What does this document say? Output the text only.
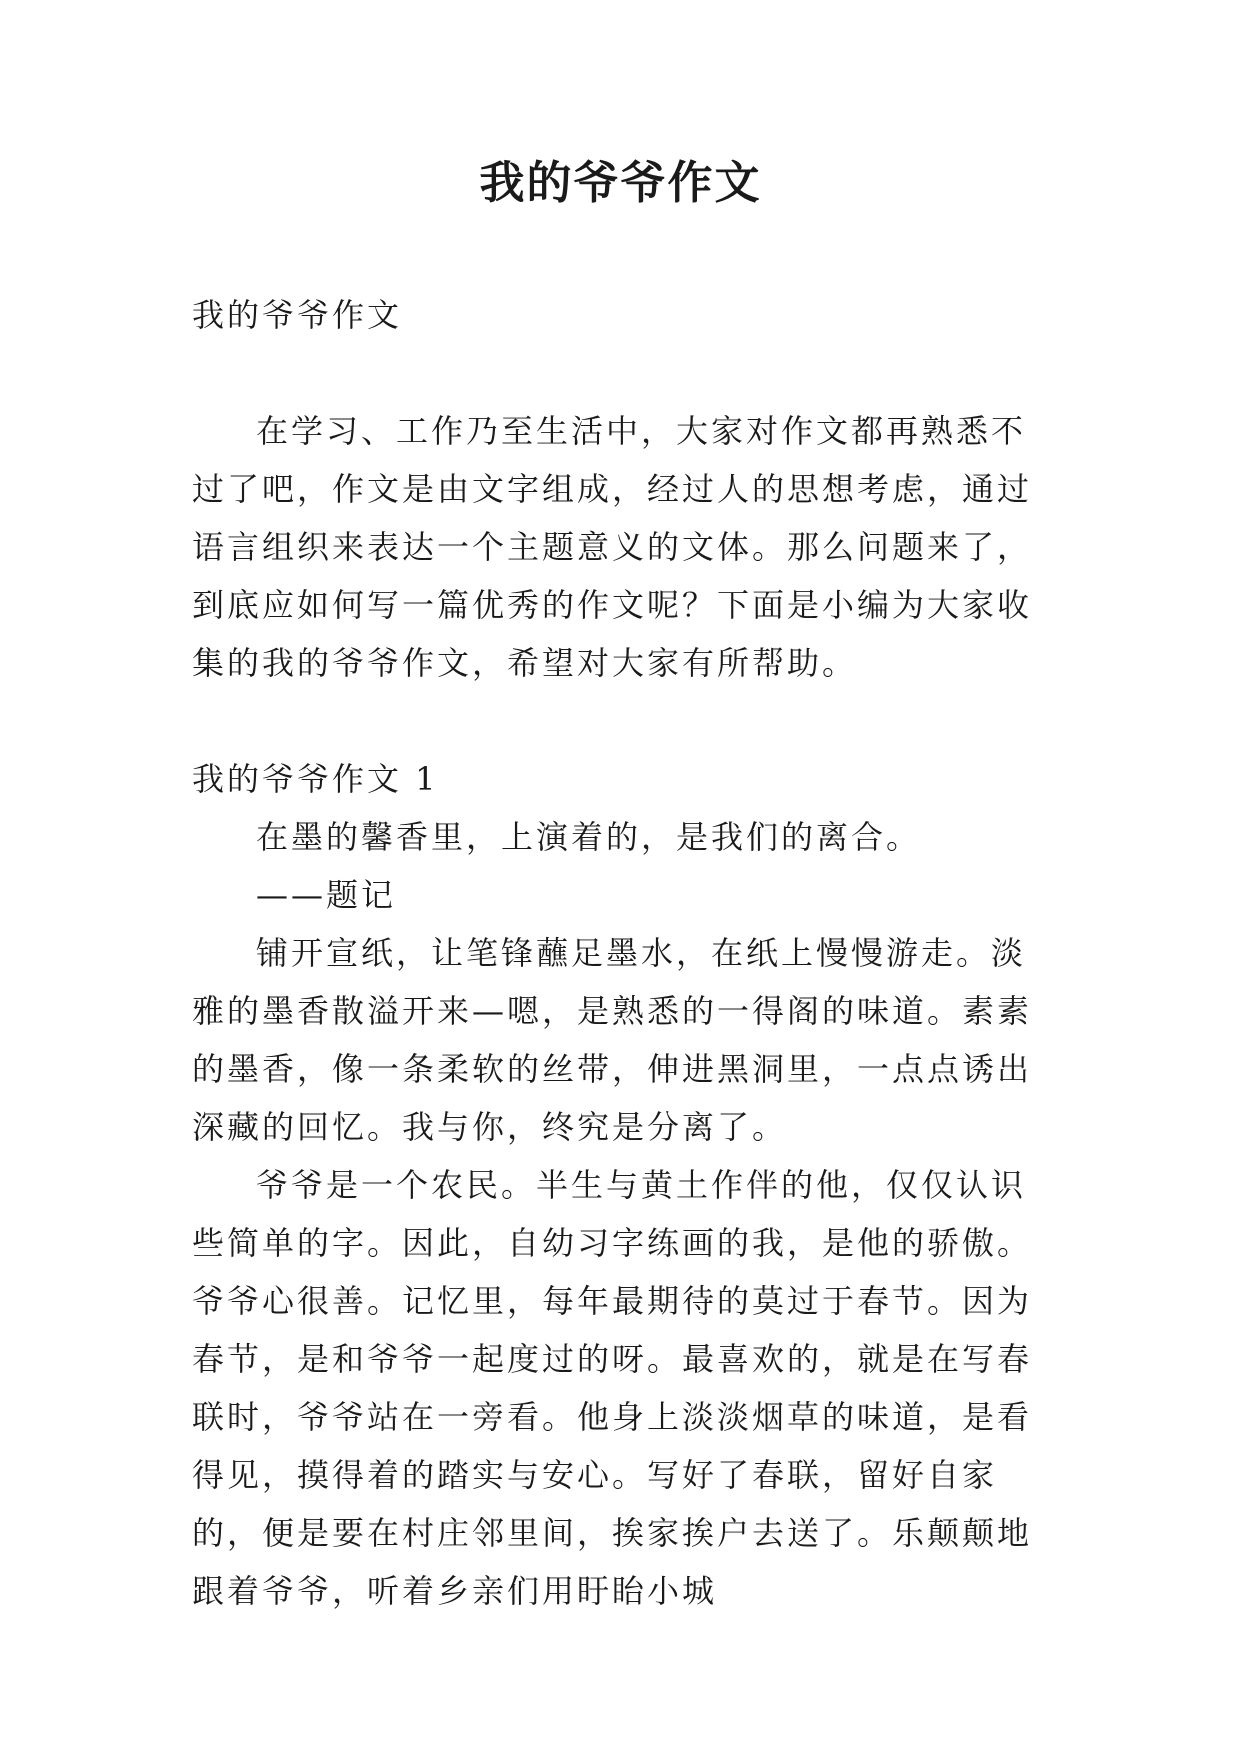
我的爷爷作文

我的爷爷作文

在学习、工作乃至生活中，大家对作文都再熟悉不过了吧，作文是由文字组成，经过人的思想考虑，通过语言组织来表达一个主题意义的文体。那么问题来了，到底应如何写一篇优秀的作文呢？下面是小编为大家收集的我的爷爷作文，希望对大家有所帮助。

我的爷爷作文 1

在墨的馨香里，上演着的，是我们的离合。

——题记

铺开宣纸，让笔锋蘸足墨水，在纸上慢慢游走。淡雅的墨香散溢开来—嗯，是熟悉的一得阁的味道。素素的墨香，像一条柔软的丝带，伸进黑洞里，一点点诱出深藏的回忆。我与你，终究是分离了。

爷爷是一个农民。半生与黄土作伴的他，仅仅认识些简单的字。因此，自幼习字练画的我，是他的骄傲。爷爷心很善。记忆里，每年最期待的莫过于春节。因为春节，是和爷爷一起度过的呀。最喜欢的，就是在写春联时，爷爷站在一旁看。他身上淡淡烟草的味道，是看得见，摸得着的踏实与安心。写好了春联，留好自家的，便是要在村庄邻里间，挨家挨户去送了。乐颠颠地跟着爷爷，听着乡亲们用盱眙小城
